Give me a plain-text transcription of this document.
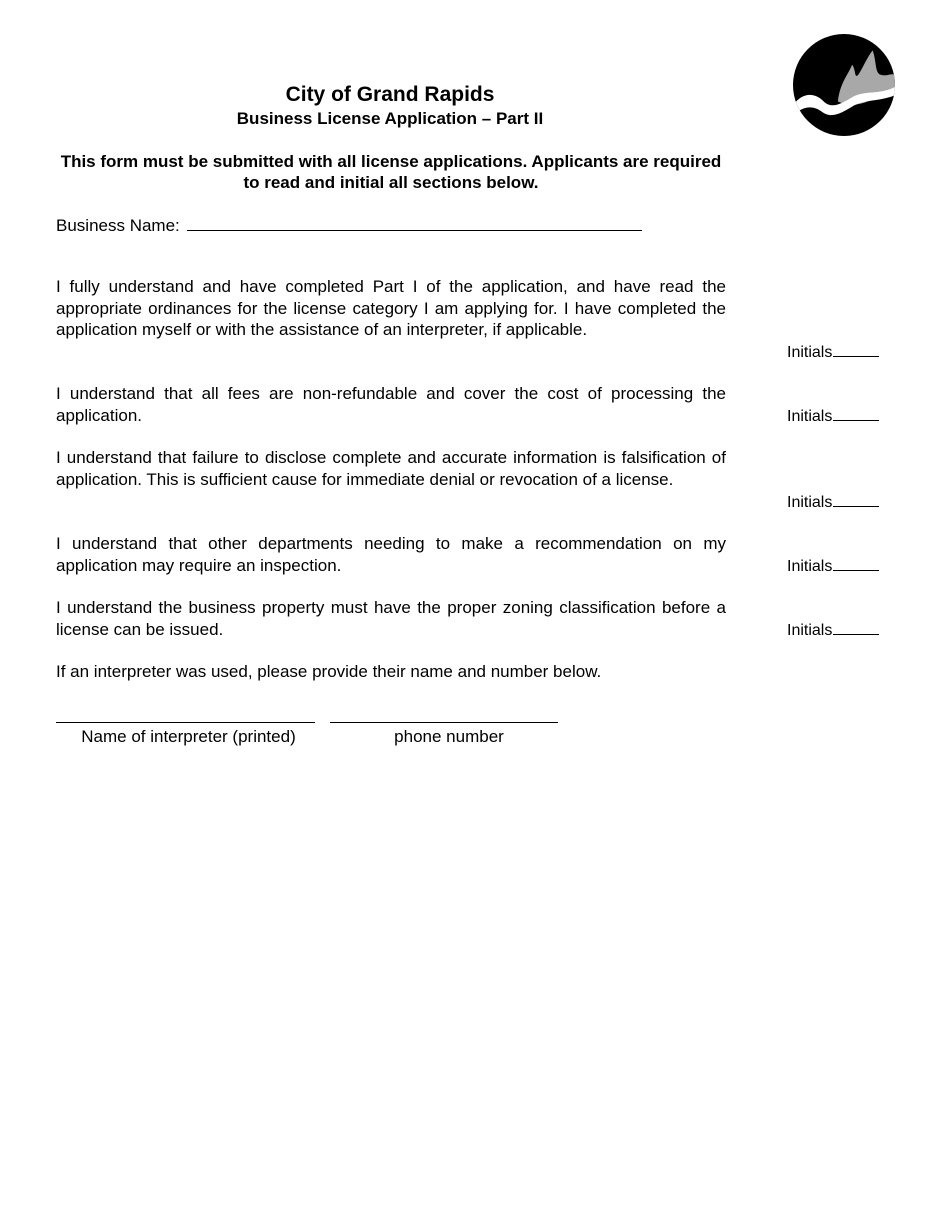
City of Grand Rapids
Business License Application – Part II
This form must be submitted with all license applications. Applicants are required to read and initial all sections below.
Business Name:
I fully understand and have completed Part I of the application, and have read the appropriate ordinances for the license category I am applying for. I have completed the application myself or with the assistance of an interpreter, if applicable.
Initials
I understand that all fees are non-refundable and cover the cost of processing the application.	Initials
I understand that failure to disclose complete and accurate information is falsification of application. This is sufficient cause for immediate denial or revocation of a license.
Initials
I understand that other departments needing to make a recommendation on my application may require an inspection.	Initials
I understand the business property must have the proper zoning classification before a license can be issued.	Initials
If an interpreter was used, please provide their name and number below.
Name of interpreter (printed)	phone number
